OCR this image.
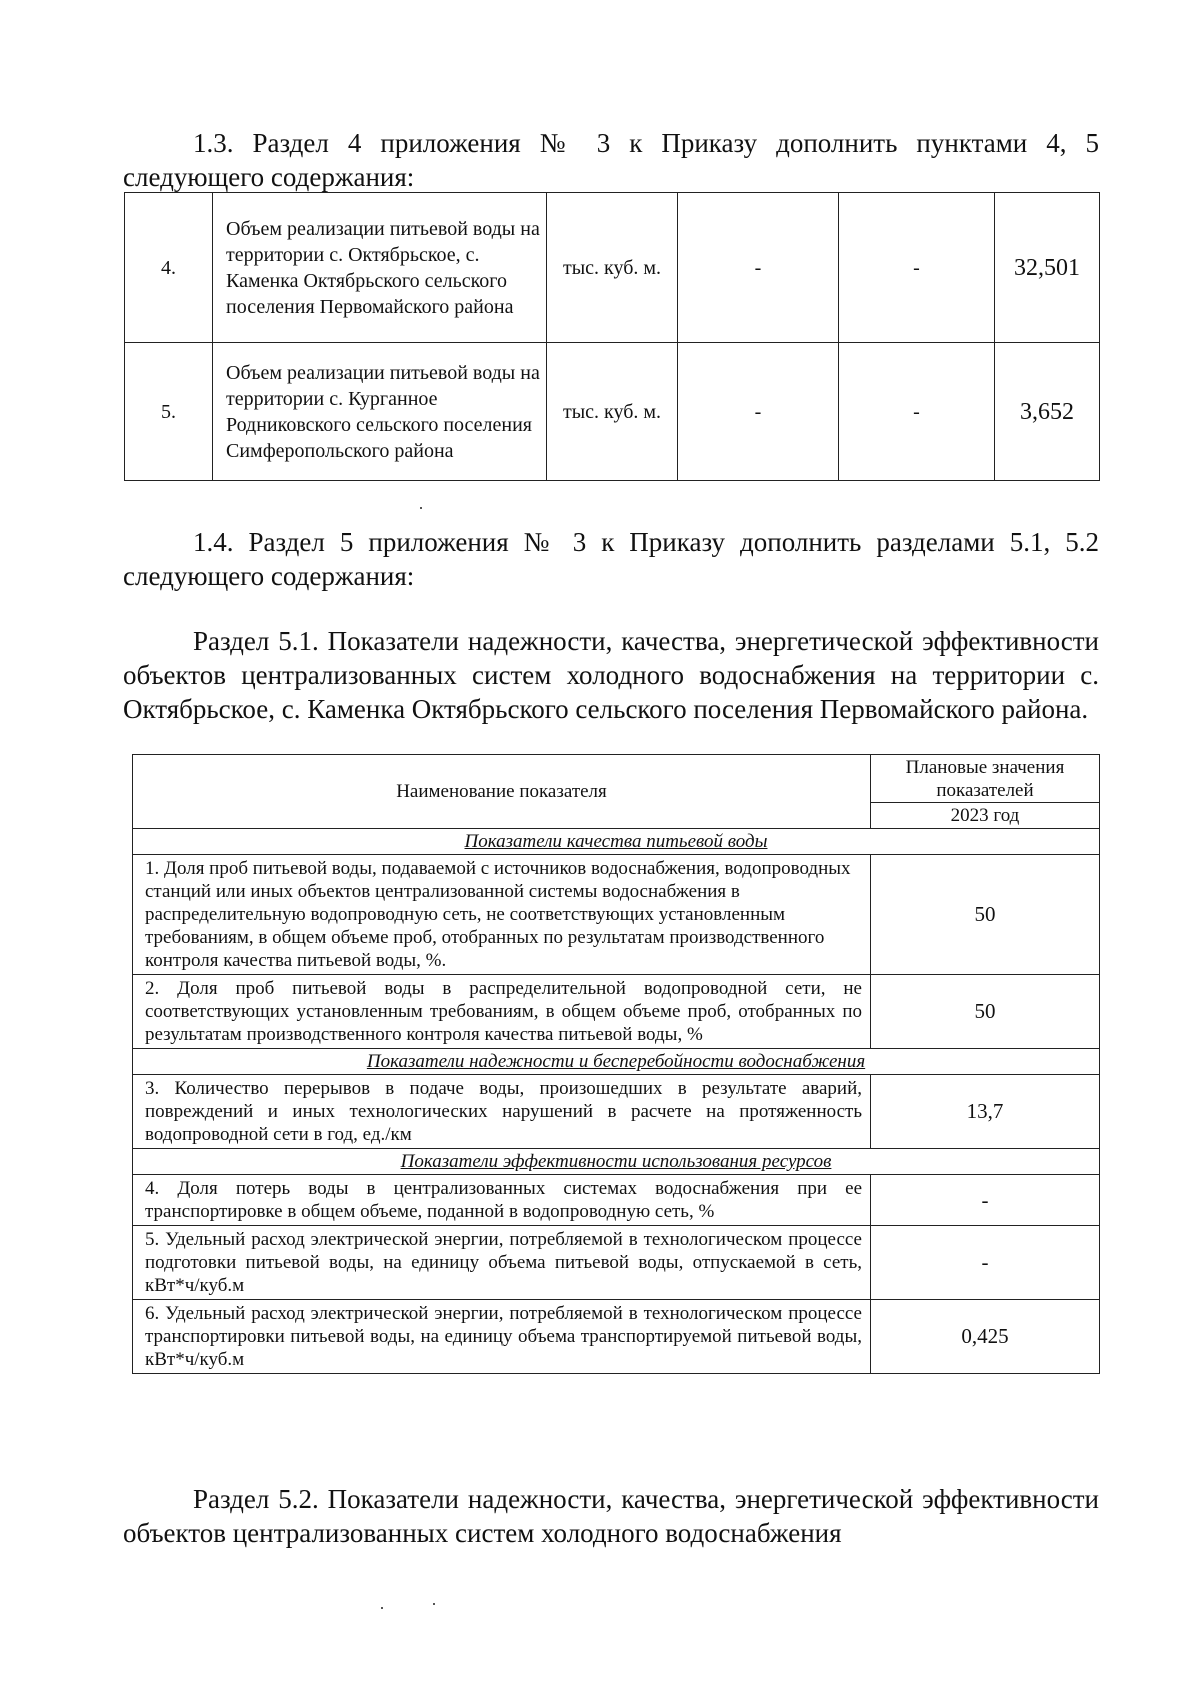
1.3. Раздел 4 приложения № 3 к Приказу дополнить пунктами 4, 5 следующего содержания:
4.	Объем реализации питьевой воды на территории с. Октябрьское, с. Каменка Октябрьского сельского поселения Первомайского района	тыс. куб. м.	-	-	32,501
5.	Объем реализации питьевой воды на территории с. Курганное Родниковского сельского поселения Симферопольского района	тыс. куб. м.	-	-	3,652
1.4. Раздел 5 приложения № 3 к Приказу дополнить разделами 5.1, 5.2 следующего содержания:
Раздел 5.1. Показатели надежности, качества, энергетической эффективности объектов централизованных систем холодного водоснабжения на территории с. Октябрьское, с. Каменка Октябрьского сельского поселения Первомайского района.
Наименование показателя	Плановые значения показателей
	2023 год
Показатели качества питьевой воды	
1. Доля проб питьевой воды, подаваемой с источников водоснабжения, водопроводных станций или иных объектов централизованной системы водоснабжения в распределительную водопроводную сеть, не соответствующих установленным требованиям, в общем объеме проб, отобранных по результатам производственного контроля качества питьевой воды, %.	50
2. Доля проб питьевой воды в распределительной водопроводной сети, не соответствующих установленным требованиям, в общем объеме проб, отобранных по результатам производственного контроля качества питьевой воды, %	50
Показатели надежности и бесперебойности водоснабжения	
3. Количество перерывов в подаче воды, произошедших в результате аварий, повреждений и иных технологических нарушений в расчете на протяженность водопроводной сети в год, ед./км	13,7
Показатели эффективности использования ресурсов	
4. Доля потерь воды в централизованных системах водоснабжения при ее транспортировке в общем объеме, поданной в водопроводную сеть, %	-
5. Удельный расход электрической энергии, потребляемой в технологическом процессе подготовки питьевой воды, на единицу объема питьевой воды, отпускаемой в сеть, кВт*ч/куб.м	-
6. Удельный расход электрической энергии, потребляемой в технологическом процессе транспортировки питьевой воды, на единицу объема транспортируемой питьевой воды, кВт*ч/куб.м	0,425
Раздел 5.2. Показатели надежности, качества, энергетической эффективности объектов централизованных систем холодного водоснабжения
